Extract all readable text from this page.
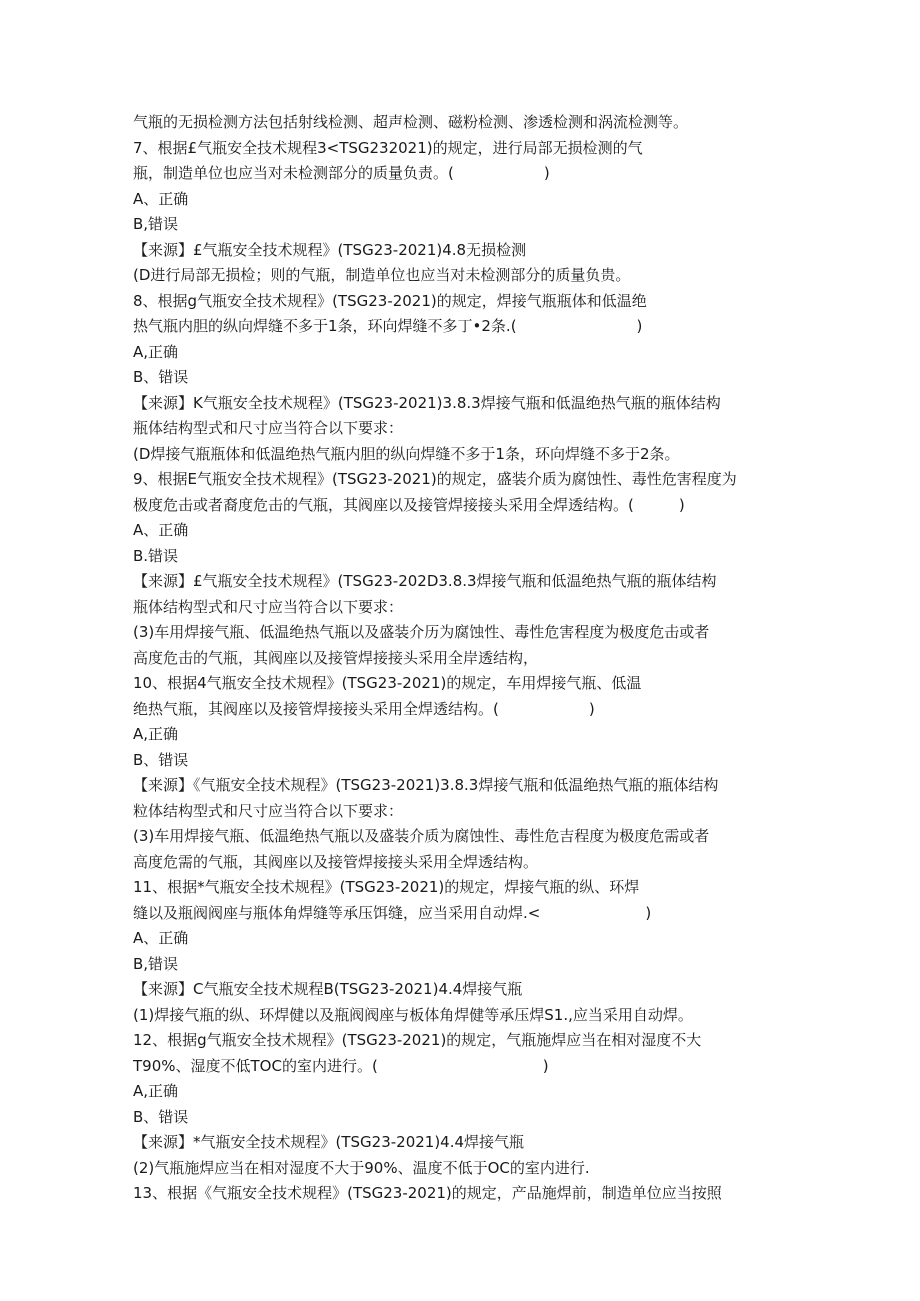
气瓶的无损检测方法包括射线检测、超声检测、磁粉检测、渗透检测和涡流检测等。
7、根据£气瓶安全技术规程3<TSG232021)的规定，进行局部无损检测的气
瓶，制造单位也应当对未检测部分的质量负责。(　　　　　　)
A、正确
B,错误
【来源】£气瓶安全技术规程》(TSG23-2021)4.8无损检测
(D进行局部无损检；则的气瓶，制造单位也应当对未检测部分的质量负贵。
8、根据g气瓶安全技术规程》(TSG23-2021)的规定，焊接气瓶瓶体和低温绝
热气瓶内胆的纵向焊缝不多于1条，环向焊缝不多丁•2条.(　　　　　　　　)
A,正确
B、错误
【来源】K气瓶安全技术规程》(TSG23-2021)3.8.3焊接气瓶和低温绝热气瓶的瓶体结构
瓶体结构型式和尺寸应当符合以下要求：
(D焊接气瓶瓶体和低温绝热气瓶内胆的纵向焊缝不多于1条，环向焊缝不多于2条。
9、根据E气瓶安全技术规程》(TSG23-2021)的规定，盛装介质为腐蚀性、毒性危害程度为
极度危击或者裔度危击的气瓶，其阀座以及接管焊接接头采用全焊透结构。(　　　)
A、正确
B.错误
【来源】£气瓶安全技术规程》(TSG23-202D3.8.3焊接气瓶和低温绝热气瓶的瓶体结构
瓶体结构型式和尺寸应当符合以下要求：
(3)车用焊接气瓶、低温绝热气瓶以及盛装介历为腐蚀性、毒性危害程度为极度危击或者
高度危击的气瓶，其阀座以及接管焊接接头采用全岸透结构，
10、根据4气瓶安全技术规程》(TSG23-2021)的规定，车用焊接气瓶、低温
绝热气瓶，其阀座以及接管焊接接头采用全焊透结构。(　　　　　　)
A,正确
B、错误
【来源】《气瓶安全技术规程》(TSG23-2021)3.8.3焊接气瓶和低温绝热气瓶的瓶体结构
粒体结构型式和尺寸应当符合以下要求：
(3)车用焊接气瓶、低温绝热气瓶以及盛装介质为腐蚀性、毒性危吉程度为极度危需或者
高度危需的气瓶，其阀座以及接管焊接接头采用全焊透结构。
11、根据*气瓶安全技术规程》(TSG23-2021)的规定，焊接气瓶的纵、环焊
缝以及瓶阀阀座与瓶体角焊缝等承压饵缝，应当采用自动焊.<　　　　　　　)
A、正确
B,错误
【来源】C气瓶安全技术规程B(TSG23-2021)4.4焊接气瓶
(1)焊接气瓶的纵、环焊健以及瓶阀阀座与板体角焊健等承压焊S1.,应当采用自动焊。
12、根据g气瓶安全技术规程》(TSG23-2021)的规定，气瓶施焊应当在相对湿度不大
T90%、湿度不低TOC的室内进行。(　　　　　　　　　　　)
A,正确
B、错误
【来源】*气瓶安全技术规程》(TSG23-2021)4.4焊接气瓶
(2)气瓶施焊应当在相对湿度不大于90%、温度不低于OC的室内进行.
13、根据《气瓶安全技术规程》(TSG23-2021)的规定，产品施焊前，制造单位应当按照
